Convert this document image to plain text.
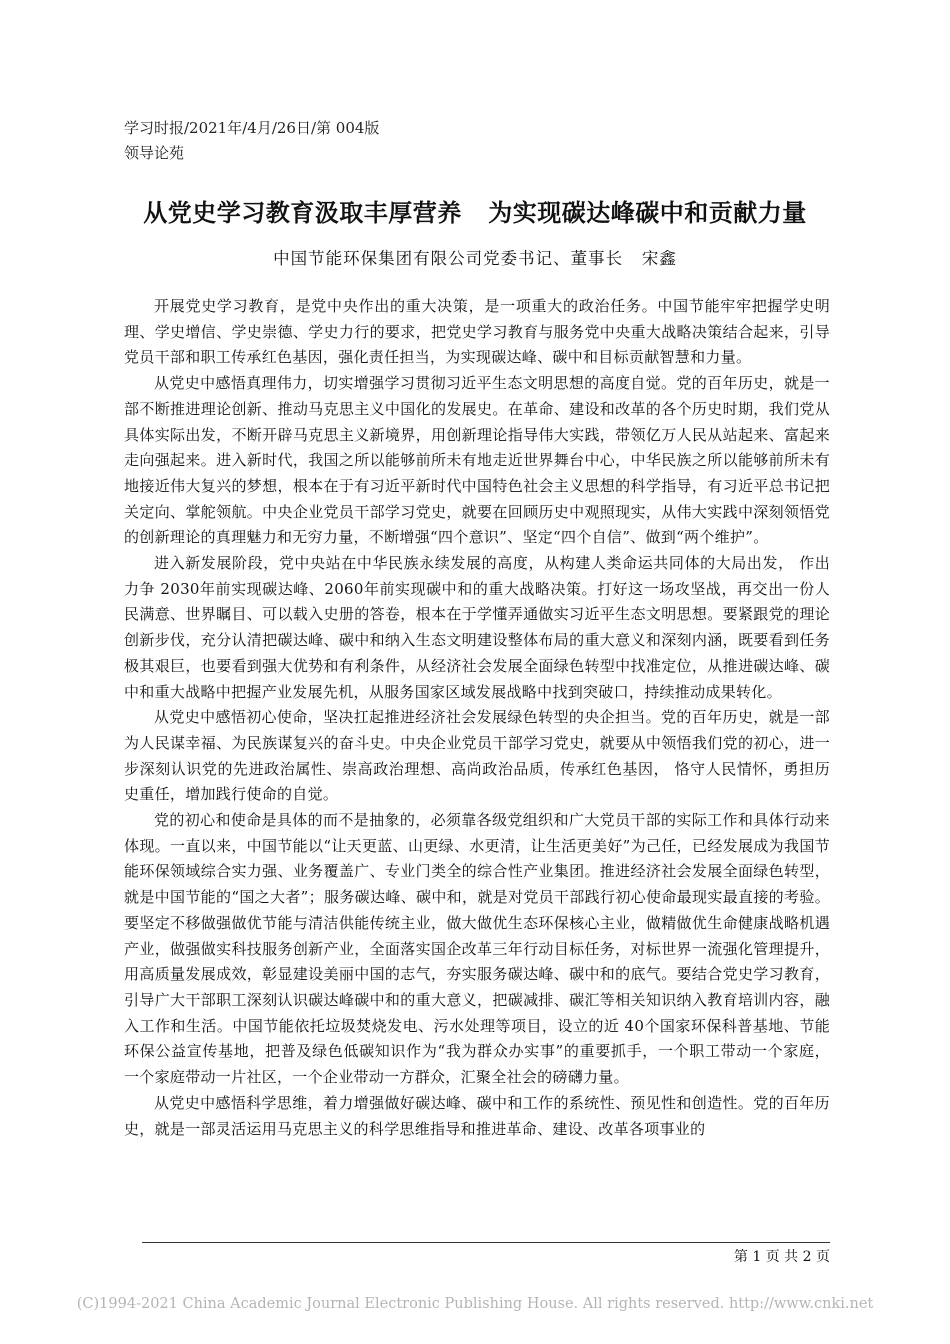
学习时报/2021年/4月/26日/第 004版
领导论苑
从党史学习教育汲取丰厚营养   为实现碳达峰碳中和贡献力量
中国节能环保集团有限公司党委书记、董事长   宋鑫

开展党史学习教育，是党中央作出的重大决策，是一项重大的政治任务。中国节能牢牢把握学史明理、学史增信、学史崇德、学史力行的要求，把党史学习教育与服务党中央重大战略决策结合起来，引导党员干部和职工传承红色基因，强化责任担当，为实现碳达峰、碳中和目标贡献智慧和力量。

从党史中感悟真理伟力，切实增强学习贯彻习近平生态文明思想的高度自觉。党的百年历史，就是一部不断推进理论创新、推动马克思主义中国化的发展史。在革命、建设和改革的各个历史时期，我们党从具体实际出发，不断开辟马克思主义新境界，用创新理论指导伟大实践，带领亿万人民从站起来、富起来走向强起来。进入新时代，我国之所以能够前所未有地走近世界舞台中心，中华民族之所以能够前所未有地接近伟大复兴的梦想，根本在于有习近平新时代中国特色社会主义思想的科学指导，有习近平总书记把关定向、掌舵领航。中央企业党员干部学习党史，就要在回顾历史中观照现实，从伟大实践中深刻领悟党的创新理论的真理魅力和无穷力量，不断增强“四个意识”、坚定“四个自信”、做到“两个维护”。

进入新发展阶段，党中央站在中华民族永续发展的高度，从构建人类命运共同体的大局出发， 作出力争 2030年前实现碳达峰、2060年前实现碳中和的重大战略决策。打好这一场攻坚战，再交出一份人民满意、世界瞩目、可以载入史册的答卷，根本在于学懂弄通做实习近平生态文明思想。要紧跟党的理论创新步伐，充分认清把碳达峰、碳中和纳入生态文明建设整体布局的重大意义和深刻内涵，既要看到任务极其艰巨，也要看到强大优势和有利条件，从经济社会发展全面绿色转型中找准定位，从推进碳达峰、碳中和重大战略中把握产业发展先机，从服务国家区域发展战略中找到突破口，持续推动成果转化。

从党史中感悟初心使命，坚决扛起推进经济社会发展绿色转型的央企担当。党的百年历史，就是一部为人民谋幸福、为民族谋复兴的奋斗史。中央企业党员干部学习党史，就要从中领悟我们党的初心，进一步深刻认识党的先进政治属性、崇高政治理想、高尚政治品质，传承红色基因， 恪守人民情怀，勇担历史重任，增加践行使命的自觉。

党的初心和使命是具体的而不是抽象的，必须靠各级党组织和广大党员干部的实际工作和具体行动来体现。一直以来，中国节能以“让天更蓝、山更绿、水更清，让生活更美好”为己任，已经发展成为我国节能环保领域综合实力强、业务覆盖广、专业门类全的综合性产业集团。推进经济社会发展全面绿色转型，就是中国节能的“国之大者”；服务碳达峰、碳中和，就是对党员干部践行初心使命最现实最直接的考验。要坚定不移做强做优节能与清洁供能传统主业，做大做优生态环保核心主业，做精做优生命健康战略机遇产业，做强做实科技服务创新产业，全面落实国企改革三年行动目标任务，对标世界一流强化管理提升，用高质量发展成效，彰显建设美丽中国的志气，夯实服务碳达峰、碳中和的底气。要结合党史学习教育，引导广大干部职工深刻认识碳达峰碳中和的重大意义，把碳减排、碳汇等相关知识纳入教育培训内容，融入工作和生活。中国节能依托垃圾焚烧发电、污水处理等项目，设立的近 40个国家环保科普基地、节能环保公益宣传基地，把普及绿色低碳知识作为“我为群众办实事”的重要抓手，一个职工带动一个家庭， 一个家庭带动一片社区，一个企业带动一方群众，汇聚全社会的磅礴力量。

从党史中感悟科学思维，着力增强做好碳达峰、碳中和工作的系统性、预见性和创造性。党的百年历史，就是一部灵活运用马克思主义的科学思维指导和推进革命、建设、改革各项事业的

第 1 页 共 2 页
(C)1994-2021 China Academic Journal Electronic Publishing House. All rights reserved. http://www.cnki.net
